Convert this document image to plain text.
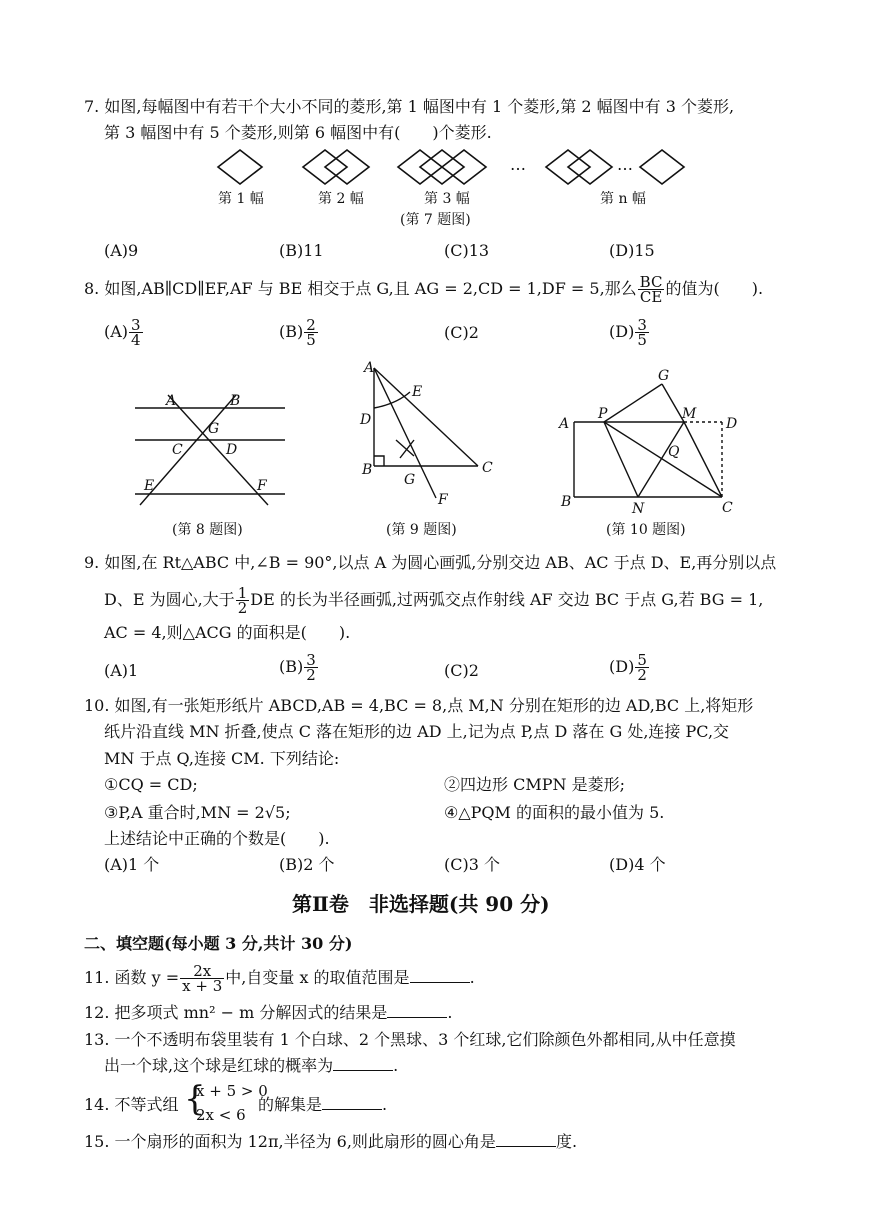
7. 如图,每幅图中有若干个大小不同的菱形,第 1 幅图中有 1 个菱形,第 2 幅图中有 3 个菱形,
第 3 幅图中有 5 个菱形,则第 6 幅图中有(　　)个菱形.
…	…
第 1 幅	第 2 幅	第 3 幅	第 n 幅
(第 7 题图)
(A)9	(B)11	(C)13	(D)15
8. 如图,AB∥CD∥EF,AF 与 BE 相交于点 G,且 AG = 2,CD = 1,DF = 5,那么 $\frac{BC}{CE}$ 的值为(　　).
$(A) \frac{3}{4}$	$(B) \frac{2}{5}$	(C)2	$(D) \frac{3}{5}$
A	B
G
C	D
E	F
(第 8 题图)
A
E
D
B
G
C
F
(第 9 题图)
G
A
P	M
D
Q
B	N	C
(第 10 题图)
9. 如图,在 Rt△ABC 中,∠B = 90°,以点 A 为圆心画弧,分别交边 AB、AC 于点 D、E,再分别以点
D、E 为圆心,大于 $\frac{1}{2}$ DE 的长为半径画弧,过两弧交点作射线 AF 交边 BC 于点 G,若 BG = 1,
AC = 4,则△ACG 的面积是(　　).
(A)1	$(B) \frac{3}{2}$	(C)2	$(D) \frac{5}{2}$
10. 如图,有一张矩形纸片 ABCD,AB = 4,BC = 8,点 M,N 分别在矩形的边 AD,BC 上,将矩形
纸片沿直线 MN 折叠,使点 C 落在矩形的边 AD 上,记为点 P,点 D 落在 G 处,连接 PC,交
MN 于点 Q,连接 CM. 下列结论:
①CQ = CD;	②四边形 CMPN 是菱形;
③P,A 重合时,MN = 2√5;	④△PQM 的面积的最小值为 5.
上述结论中正确的个数是(　　).
(A)1 个	(B)2 个	(C)3 个	(D)4 个
第Ⅱ卷　非选择题(共 90 分)
二、填空题(每小题 3 分,共计 30 分)
11. 函数 $y = \frac{2x}{x + 3}$ 中,自变量 x 的取值范围是	.
12. 把多项式 mn² − m 分解因式的结果是	.
13. 一个不透明布袋里装有 1 个白球、2 个黑球、3 个红球,它们除颜色外都相同,从中任意摸
出一个球,这个球是红球的概率为	.
14. 不等式组 {
x + 5 > 0
2x < 6
的解集是	.
15. 一个扇形的面积为 12π,半径为 6,则此扇形的圆心角是	度.
